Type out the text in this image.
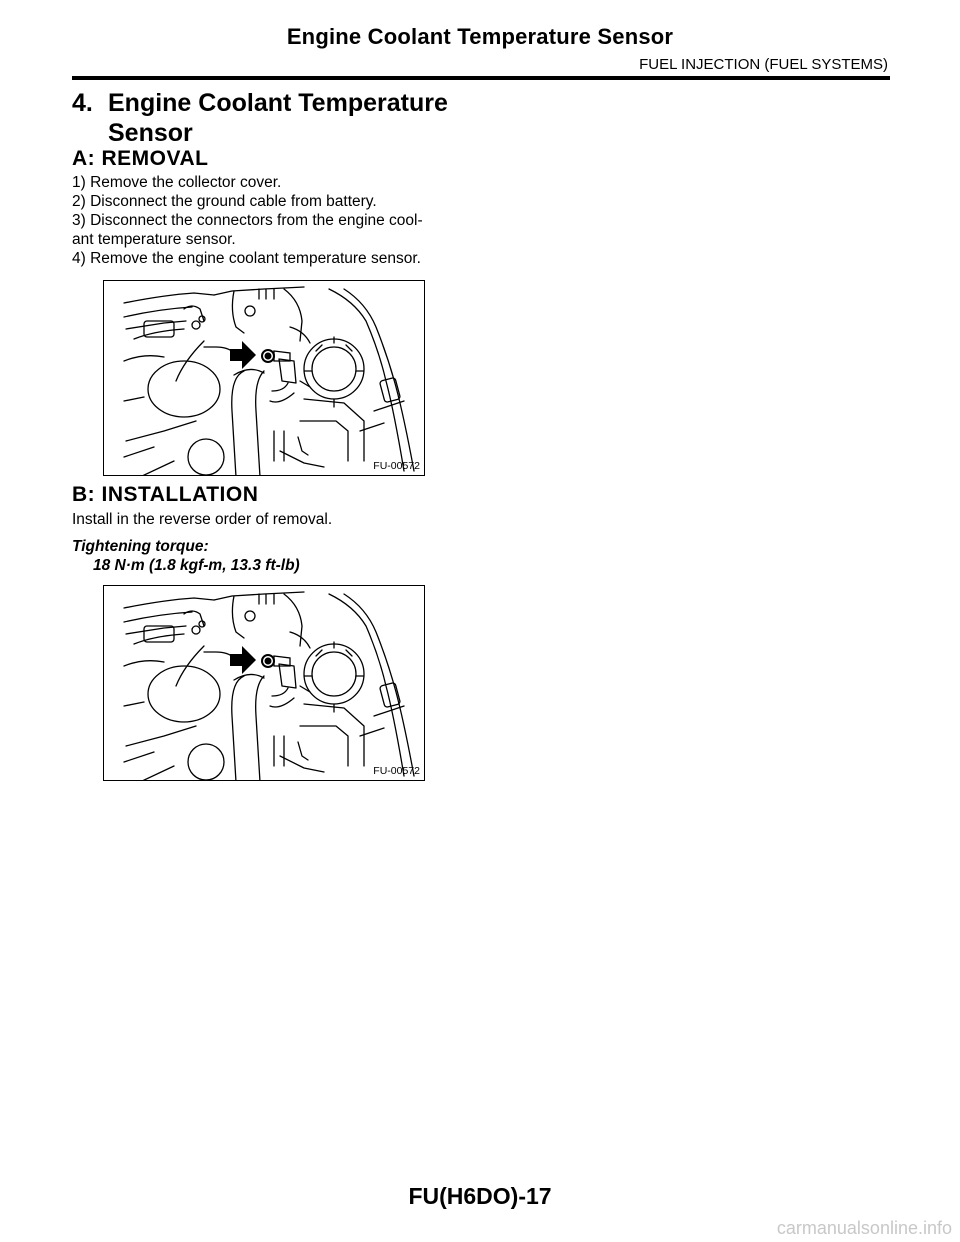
Engine Coolant Temperature Sensor
FUEL INJECTION (FUEL SYSTEMS)
4. Engine Coolant Temperature
Sensor
A: REMOVAL
1) Remove the collector cover.
2) Disconnect the ground cable from battery.
3) Disconnect the connectors from the engine cool-
ant temperature sensor.
4) Remove the engine coolant temperature sensor.
FU-00572
B: INSTALLATION
Install in the reverse order of removal.
Tightening torque:
18 N·m (1.8 kgf-m, 13.3 ft-lb)
FU-00572
FU(H6DO)-17
carmanualsonline.info
